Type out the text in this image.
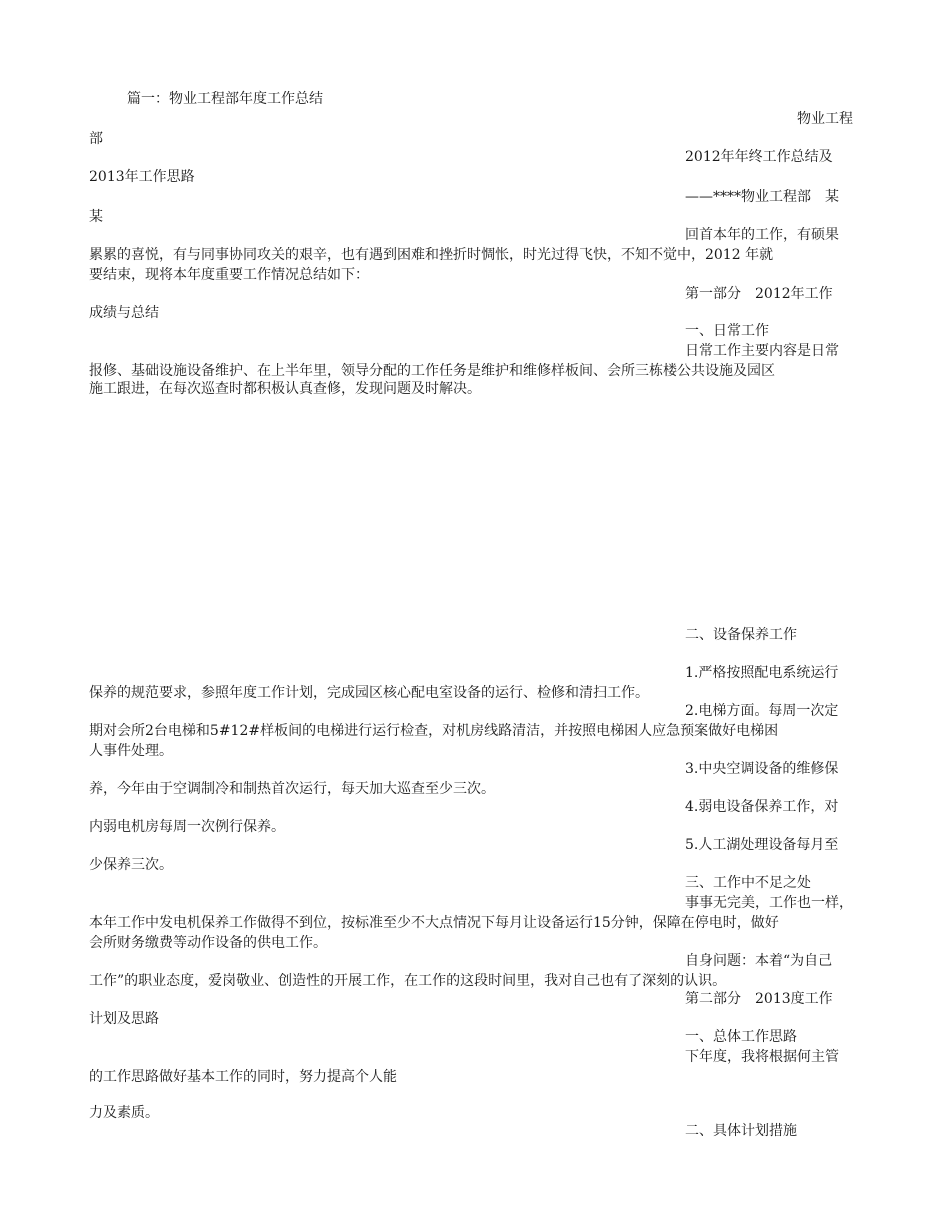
篇一：物业工程部年度工作总结
物业工程
部
2012年年终工作总结及
2013年工作思路
——****物业工程部　某
某
回首本年的工作，有硕果
累累的喜悦，有与同事协同攻关的艰辛，也有遇到困难和挫折时惆怅，时光过得飞快，不知不觉中，2012 年就
要结束，现将本年度重要工作情况总结如下：
第一部分　2012年工作
成绩与总结
一、日常工作
日常工作主要内容是日常
报修、基础设施设备维护、在上半年里，领导分配的工作任务是维护和维修样板间、会所三栋楼公共设施及园区
施工跟进，在每次巡查时都积极认真查修，发现问题及时解决。
二、设备保养工作
1.严格按照配电系统运行
保养的规范要求，参照年度工作计划，完成园区核心配电室设备的运行、检修和清扫工作。
2.电梯方面。每周一次定
期对会所2台电梯和5#12#样板间的电梯进行运行检查，对机房线路清洁，并按照电梯困人应急预案做好电梯困
人事件处理。
3.中央空调设备的维修保
养，今年由于空调制冷和制热首次运行，每天加大巡查至少三次。
4.弱电设备保养工作，对
内弱电机房每周一次例行保养。
5.人工湖处理设备每月至
少保养三次。
三、工作中不足之处
事事无完美，工作也一样，
本年工作中发电机保养工作做得不到位，按标准至少不大点情况下每月让设备运行15分钟，保障在停电时，做好
会所财务缴费等动作设备的供电工作。
自身问题：本着“为自己
工作”的职业态度，爱岗敬业、创造性的开展工作，在工作的这段时间里，我对自己也有了深刻的认识。
第二部分　2013度工作
计划及思路
一、总体工作思路
下年度，我将根据何主管
的工作思路做好基本工作的同时，努力提高个人能
力及素质。
二、具体计划措施
